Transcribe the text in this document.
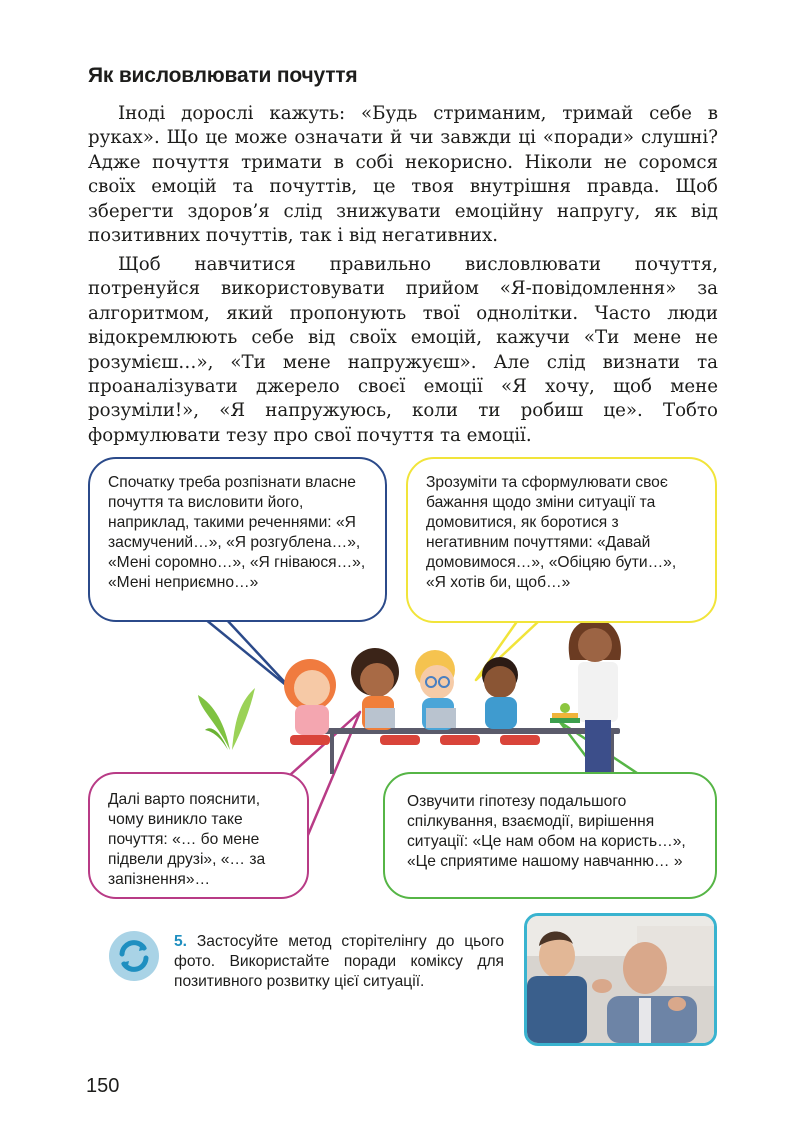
Як висловлювати почуття

Іноді дорослі кажуть: «Будь стриманим, тримай себе в руках». Що це може означати й чи завжди ці «поради» слушні? Адже почуття тримати в собі некорисно. Ніколи не соромся своїх емоцій та почуттів, це твоя внутрішня правда. Щоб зберегти здоров’я слід знижувати емоційну напругу, як від позитивних почуттів, так і від негативних.

Щоб навчитися правильно висловлювати почуття, потренуйся використовувати прийом «Я-повідомлення» за алгоритмом, який пропонують твої однолітки. Часто люди відокремлюють себе від своїх емоцій, кажучи «Ти мене не розумієш…», «Ти мене напружуєш». Але слід визнати та проаналізувати джерело своєї емоції «Я хочу, щоб мене розуміли!», «Я напружуюсь, коли ти робиш це». Тобто формулювати тезу про свої почуття та емоції.

Спочатку треба розпізнати власне почуття та висловити його, наприклад, такими реченнями: «Я засмучений…», «Я розгублена…», «Мені соромно…», «Я гніваюся…», «Мені неприємно…»
Зрозуміти та сформулювати своє бажання щодо зміни ситуації та домовитися, як боротися з негативним почуттями: «Давай домовимося…», «Обіцяю бути…», «Я хотів би, щоб…»
Далі варто пояснити, чому виникло таке почуття: «… бо мене підвели друзі», «… за запізнення»…
Озвучити гіпотезу подальшого спілкування, взаємодії, вирішення ситуації: «Це нам обом на користь…», «Це сприятиме нашому навчанню… »

5. Застосуйте метод сторітелінгу до цього фото. Використайте поради коміксу для позитивного розвитку цієї ситуації.

150
